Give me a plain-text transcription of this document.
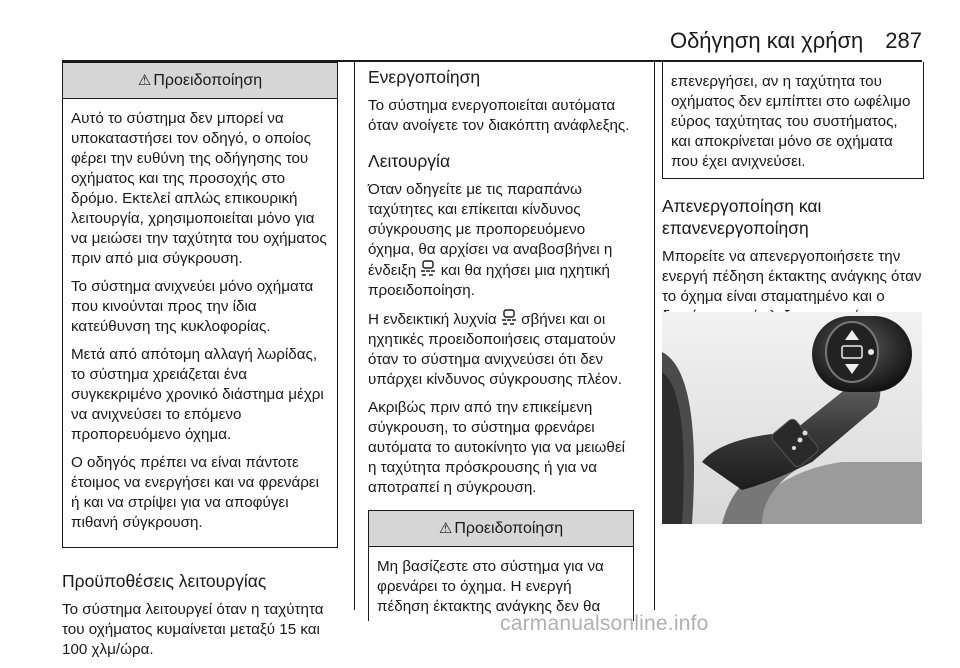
Οδήγηση και χρήση 287
⚠ Προειδοποίηση

Αυτό το σύστημα δεν μπορεί να υποκαταστήσει τον οδηγό, ο οποίος φέρει την ευθύνη της οδήγησης του οχήματος και της προσοχής στο δρόμο. Εκτελεί απλώς επικουρική λειτουργία, χρησιμοποιείται μόνο για να μειώσει την ταχύτητα του οχήματος πριν από μια σύγκρουση.

Το σύστημα ανιχνεύει μόνο οχήματα που κινούνται προς την ίδια κατεύθυνση της κυκλοφορίας.

Μετά από απότομη αλλαγή λωρίδας, το σύστημα χρειάζεται ένα συγκεκριμένο χρονικό διάστημα μέχρι να ανιχνεύσει το επόμενο προπορευόμενο όχημα.

Ο οδηγός πρέπει να είναι πάντοτε έτοιμος να ενεργήσει και να φρενάρει ή και να στρίψει για να αποφύγει πιθανή σύγκρουση.

Προϋποθέσεις λειτουργίας

Το σύστημα λειτουργεί όταν η ταχύτητα του οχήματος κυμαίνεται μεταξύ 15 και 100 χλμ/ώρα.

Ενεργοποίηση

Το σύστημα ενεργοποιείται αυτόματα όταν ανοίγετε τον διακόπτη ανάφλεξης.

Λειτουργία

Όταν οδηγείτε με τις παραπάνω ταχύτητες και επίκειται κίνδυνος σύγκρουσης με προπορευόμενο όχημα, θα αρχίσει να αναβοσβήνει η ένδειξη και θα ηχήσει μια ηχητική προειδοποίηση.

Η ενδεικτική λυχνία σβήνει και οι ηχητικές προειδοποιήσεις σταματούν όταν το σύστημα ανιχνεύσει ότι δεν υπάρχει κίνδυνος σύγκρουσης πλέον.

Ακριβώς πριν από την επικείμενη σύγκρουση, το σύστημα φρενάρει αυτόματα το αυτοκίνητο για να μειωθεί η ταχύτητα πρόσκρουσης ή για να αποτραπεί η σύγκρουση.

⚠ Προειδοποίηση

Μη βασίζεστε στο σύστημα για να φρενάρει το όχημα. Η ενεργή πέδηση έκτακτης ανάγκης δεν θα

επενεργήσει, αν η ταχύτητα του οχήματος δεν εμπίπτει στο ωφέλιμο εύρος ταχύτητας του συστήματος, και αποκρίνεται μόνο σε οχήματα που έχει ανιχνεύσει.

Απενεργοποίηση και επανενεργοποίηση

Μπορείτε να απενεργοποιήσετε την ενεργή πέδηση έκτακτης ανάγκης όταν το όχημα είναι σταματημένο και ο

carmanualsonline.info
